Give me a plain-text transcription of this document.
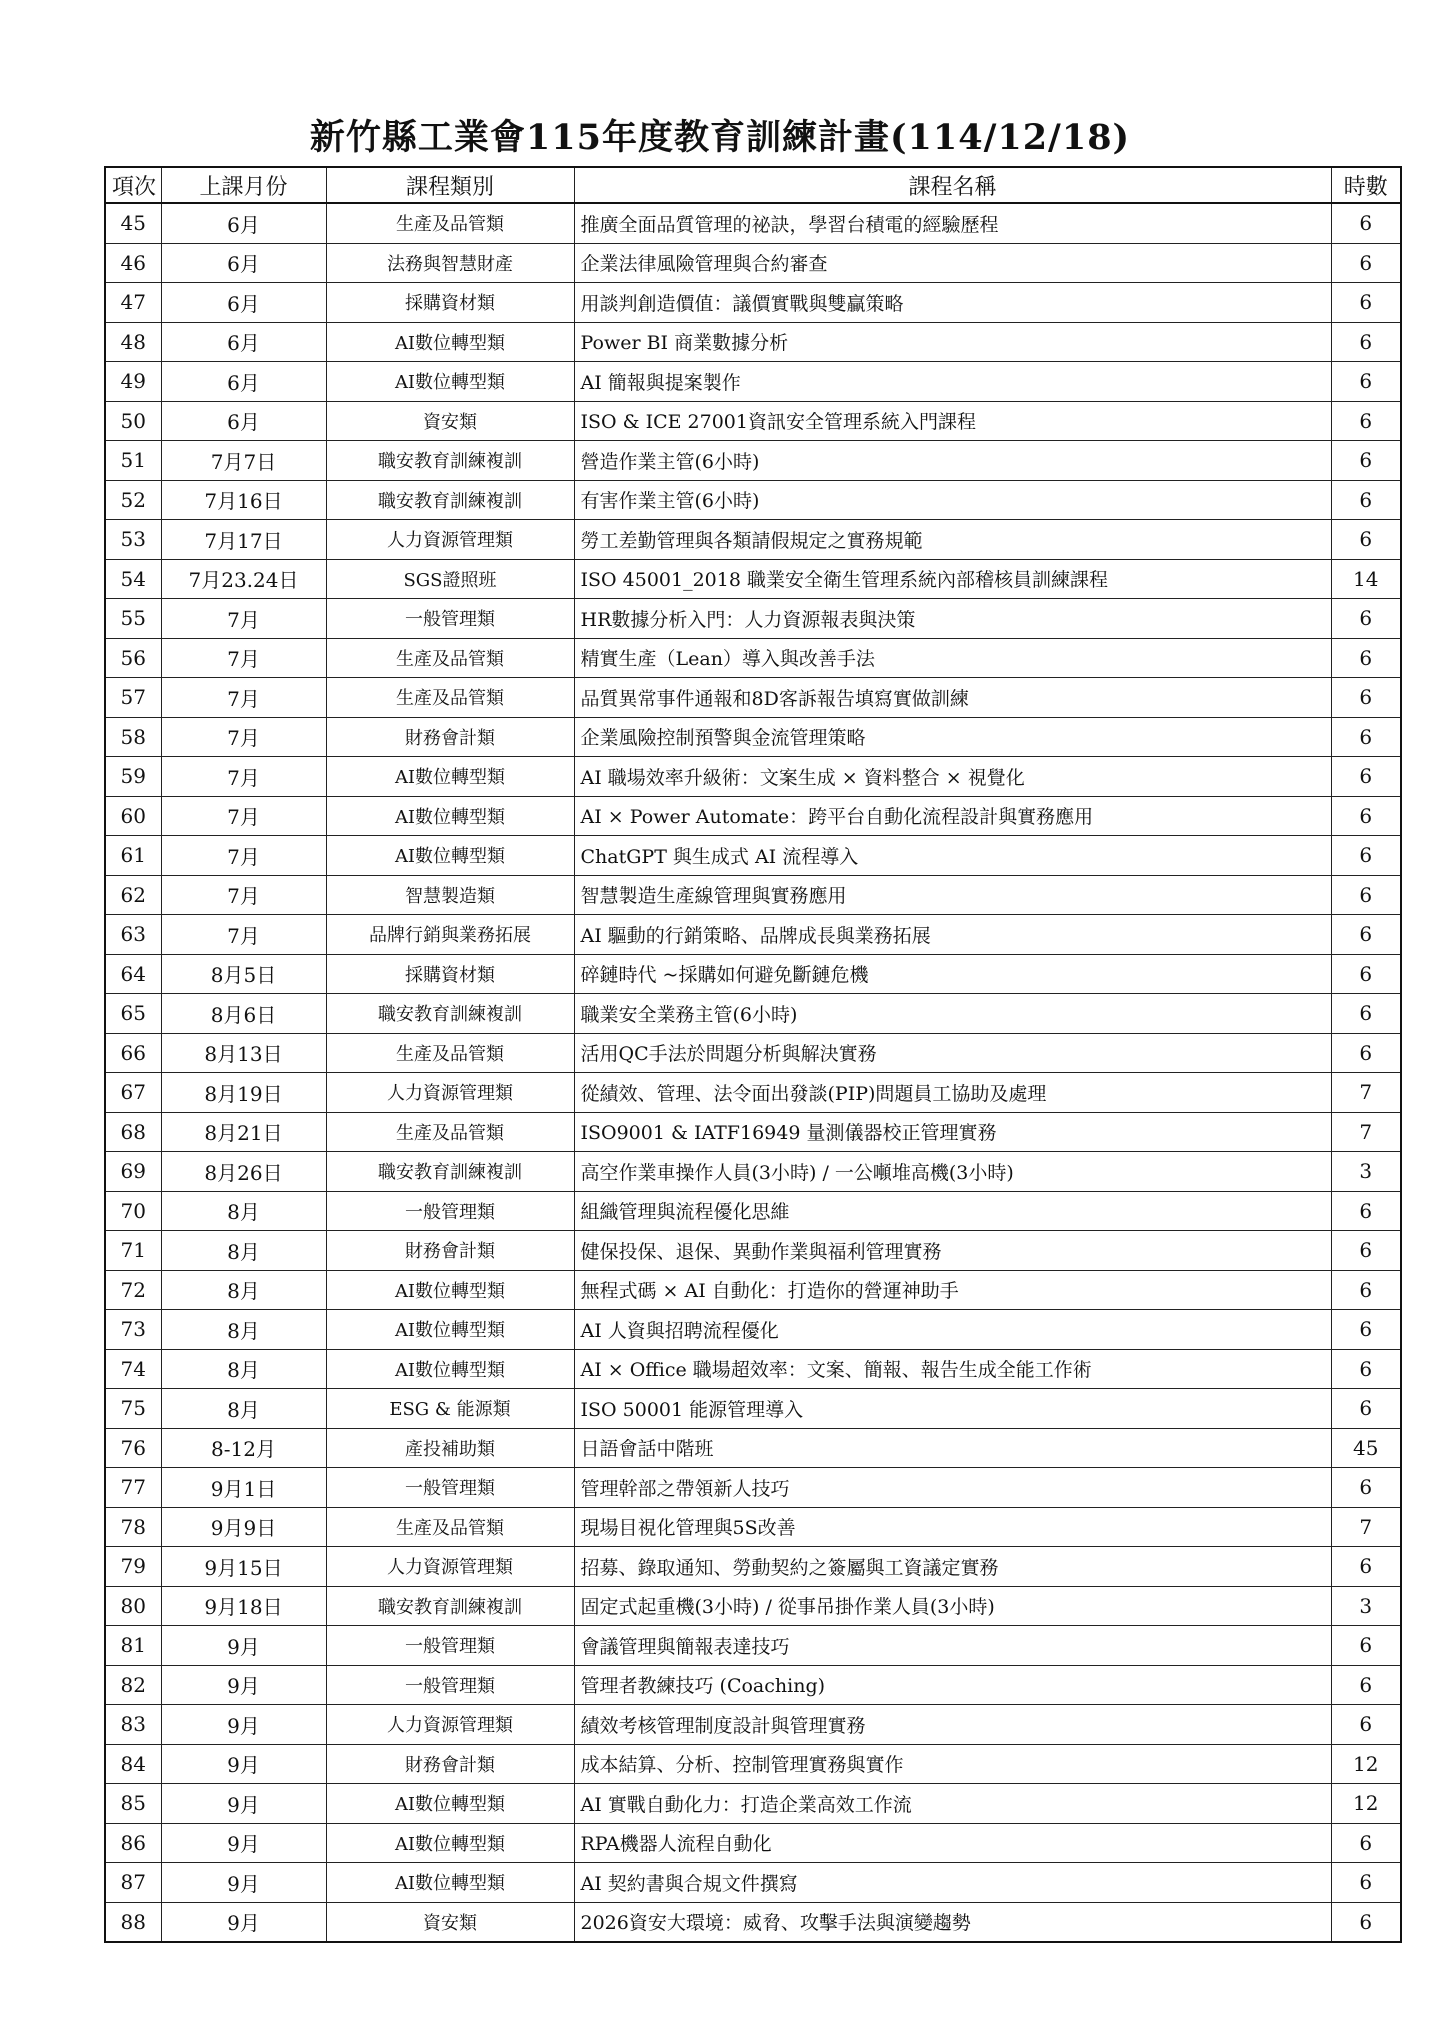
新竹縣工業會115年度教育訓練計畫(114/12/18)
項次	上課月份	課程類別	課程名稱	時數
45	6月	生產及品管類	推廣全面品質管理的祕訣，學習台積電的經驗歷程	6
46	6月	法務與智慧財產	企業法律風險管理與合約審查	6
47	6月	採購資材類	用談判創造價值：議價實戰與雙贏策略	6
48	6月	AI數位轉型類	Power BI 商業數據分析	6
49	6月	AI數位轉型類	AI 簡報與提案製作	6
50	6月	資安類	ISO & ICE 27001資訊安全管理系統入門課程	6
51	7月7日	職安教育訓練複訓	營造作業主管(6小時)	6
52	7月16日	職安教育訓練複訓	有害作業主管(6小時)	6
53	7月17日	人力資源管理類	勞工差勤管理與各類請假規定之實務規範	6
54	7月23.24日	SGS證照班	ISO 45001_2018 職業安全衛生管理系統內部稽核員訓練課程	14
55	7月	一般管理類	HR數據分析入門：人力資源報表與決策	6
56	7月	生產及品管類	精實生產（Lean）導入與改善手法	6
57	7月	生產及品管類	品質異常事件通報和8D客訴報告填寫實做訓練	6
58	7月	財務會計類	企業風險控制預警與金流管理策略	6
59	7月	AI數位轉型類	AI 職場效率升級術：文案生成 × 資料整合 × 視覺化	6
60	7月	AI數位轉型類	AI × Power Automate：跨平台自動化流程設計與實務應用	6
61	7月	AI數位轉型類	ChatGPT 與生成式 AI 流程導入	6
62	7月	智慧製造類	智慧製造生產線管理與實務應用	6
63	7月	品牌行銷與業務拓展	AI 驅動的行銷策略、品牌成長與業務拓展	6
64	8月5日	採購資材類	碎鏈時代 ~採購如何避免斷鏈危機	6
65	8月6日	職安教育訓練複訓	職業安全業務主管(6小時)	6
66	8月13日	生產及品管類	活用QC手法於問題分析與解決實務	6
67	8月19日	人力資源管理類	從績效、管理、法令面出發談(PIP)問題員工協助及處理	7
68	8月21日	生產及品管類	ISO9001 & IATF16949 量測儀器校正管理實務	7
69	8月26日	職安教育訓練複訓	高空作業車操作人員(3小時) / 一公噸堆高機(3小時)	3
70	8月	一般管理類	組織管理與流程優化思維	6
71	8月	財務會計類	健保投保、退保、異動作業與福利管理實務	6
72	8月	AI數位轉型類	無程式碼 × AI 自動化：打造你的營運神助手	6
73	8月	AI數位轉型類	AI 人資與招聘流程優化	6
74	8月	AI數位轉型類	AI × Office 職場超效率：文案、簡報、報告生成全能工作術	6
75	8月	ESG & 能源類	ISO 50001 能源管理導入	6
76	8-12月	產投補助類	日語會話中階班	45
77	9月1日	一般管理類	管理幹部之帶領新人技巧	6
78	9月9日	生產及品管類	現場目視化管理與5S改善	7
79	9月15日	人力資源管理類	招募、錄取通知、勞動契約之簽屬與工資議定實務	6
80	9月18日	職安教育訓練複訓	固定式起重機(3小時) / 從事吊掛作業人員(3小時)	3
81	9月	一般管理類	會議管理與簡報表達技巧	6
82	9月	一般管理類	管理者教練技巧 (Coaching)	6
83	9月	人力資源管理類	績效考核管理制度設計與管理實務	6
84	9月	財務會計類	成本結算、分析、控制管理實務與實作	12
85	9月	AI數位轉型類	AI 實戰自動化力：打造企業高效工作流	12
86	9月	AI數位轉型類	RPA機器人流程自動化	6
87	9月	AI數位轉型類	AI 契約書與合規文件撰寫	6
88	9月	資安類	2026資安大環境：威脅、攻擊手法與演變趨勢	6
